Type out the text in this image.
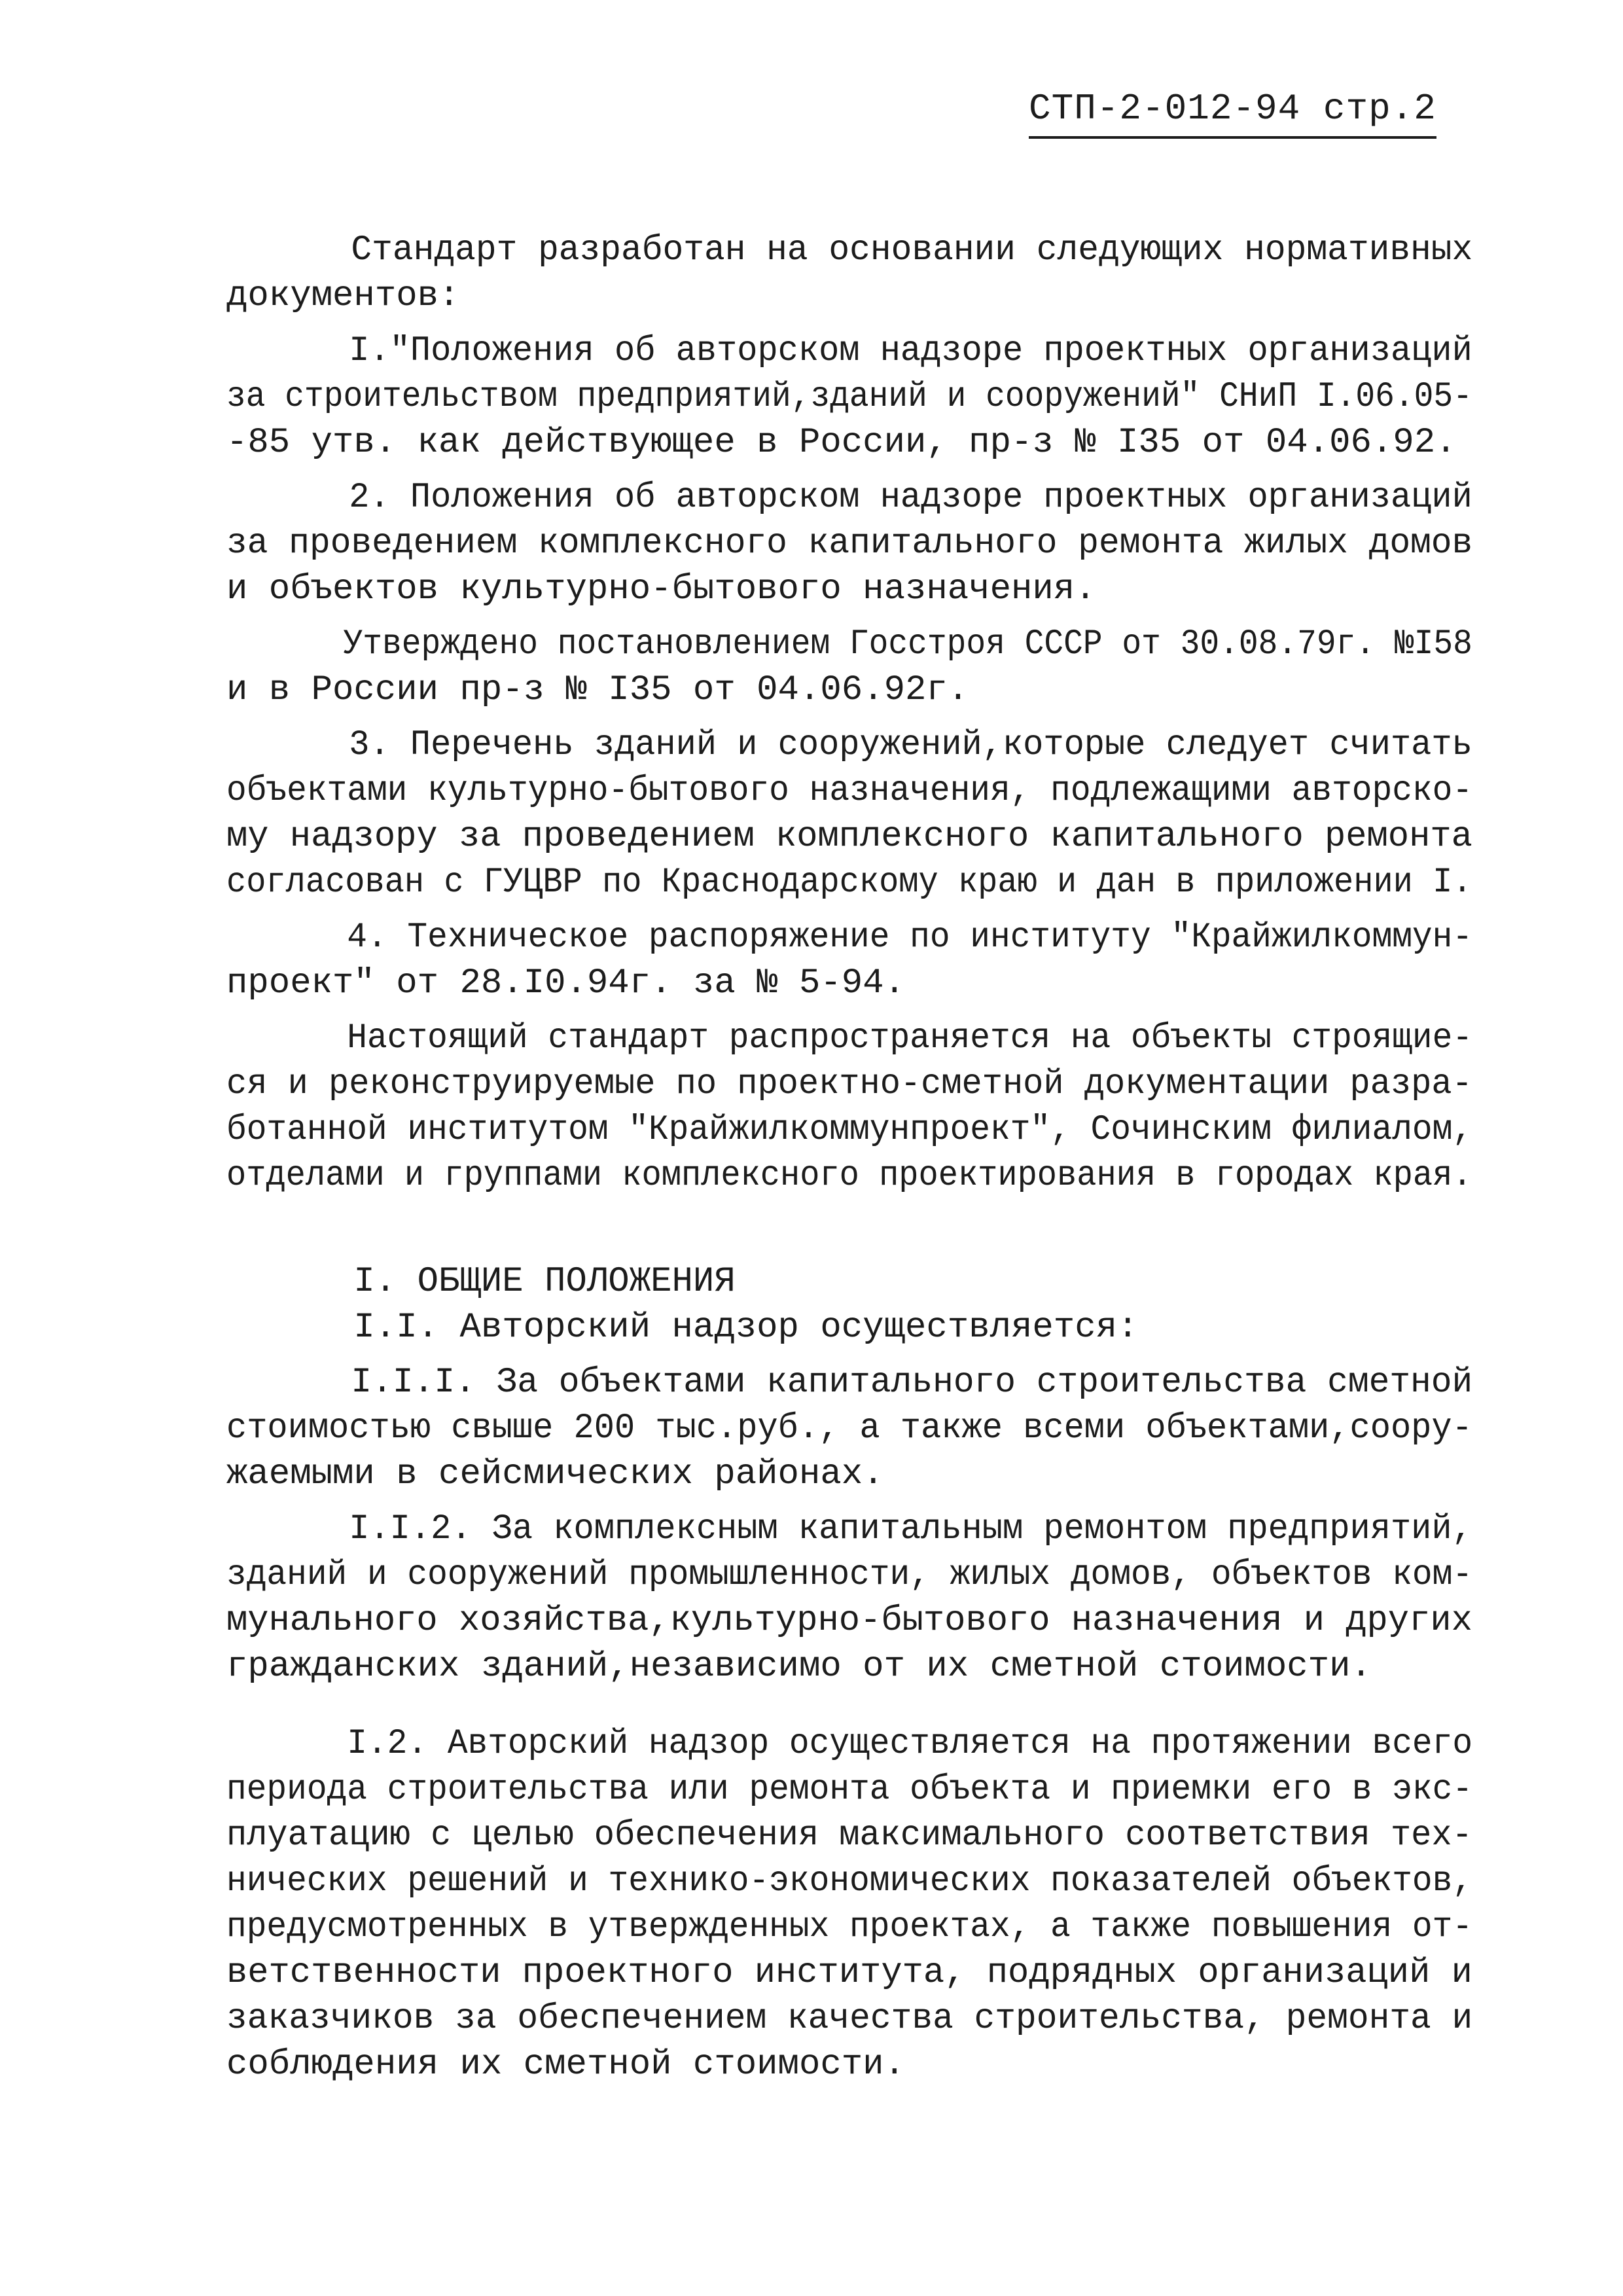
СТП-2-012-94 стр.2
Стандарт разработан на основании следующих нормативных
документов:
I."Положения об авторском надзоре проектных организаций
за строительством предприятий,зданий и сооружений" СНиП I.06.05-
-85 утв. как действующее в России, пр-з № I35 от 04.06.92.
2. Положения об авторском надзоре проектных организаций
за проведением комплексного капитального ремонта жилых домов
и объектов культурно-бытового назначения.
Утверждено постановлением Госстроя СССР от 30.08.79г. №I58
и в России пр-з № I35 от 04.06.92г.
3. Перечень зданий и сооружений,которые следует считать
объектами культурно-бытового назначения, подлежащими авторско-
му надзору за проведением комплексного капитального ремонта
согласован с ГУЦВР по Краснодарскому краю и дан в приложении I.
4. Техническое распоряжение по институту "Крайжилкоммун-
проект" от 28.I0.94г. за № 5-94.
Настоящий стандарт распространяется на объекты строящие-
ся и реконструируемые по проектно-сметной документации разра-
ботанной институтом "Крайжилкоммунпроект", Сочинским филиалом,
отделами и группами комплексного проектирования в городах края.
I. ОБЩИЕ ПОЛОЖЕНИЯ
I.I. Авторский надзор осуществляется:
I.I.I. За объектами капитального строительства сметной
стоимостью свыше 200 тыс.руб., а также всеми объектами,соору-
жаемыми в сейсмических районах.
I.I.2. За комплексным капитальным ремонтом предприятий,
зданий и сооружений промышленности, жилых домов, объектов ком-
мунального хозяйства,культурно-бытового назначения и других
гражданских зданий,независимо от их сметной стоимости.
I.2. Авторский надзор осуществляется на протяжении всего
периода строительства или ремонта объекта и приемки его в экс-
плуатацию с целью обеспечения максимального соответствия тех-
нических решений и технико-экономических показателей объектов,
предусмотренных в утвержденных проектах, а также повышения от-
ветственности проектного института, подрядных организаций и
заказчиков за обеспечением качества строительства, ремонта и
соблюдения их сметной стоимости.
